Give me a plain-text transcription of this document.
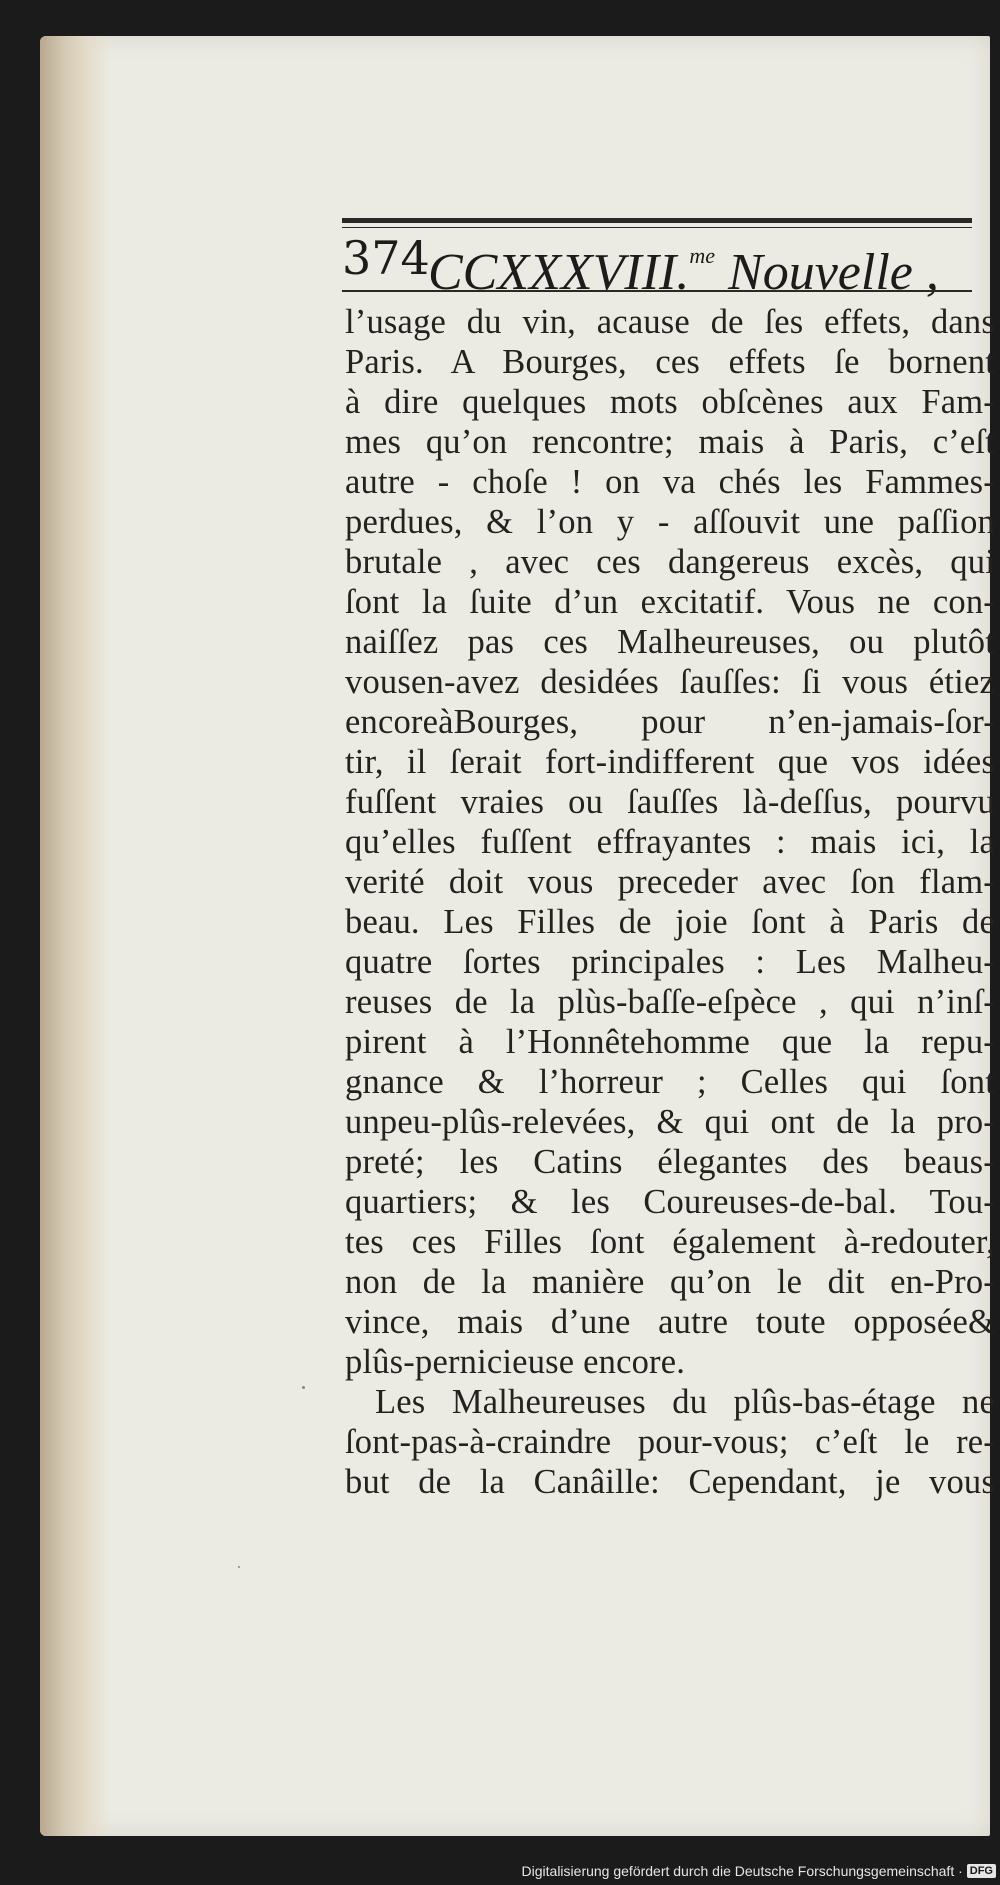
374
CCXXXVIII.$^{me}$ Nouvelle ,
l’usage du vin, acause de ſes effets, dans
Paris. A Bourges, ces effets ſe bornent
à dire quelques mots obſcènes aux Fam-
mes qu’on rencontre; mais à Paris, c’eſt
autre - choſe ! on va chés les Fammes-
perdues, & l’on y - aſſouvit une paſſion
brutale , avec ces dangereus excès, qui
ſont la ſuite d’un excitatif. Vous ne con-
naiſſez pas ces Malheureuses, ou plutôt
vousen-avez desidées ſauſſes: ſi vous étiez
encoreàBourges, pour n’en-jamais-ſor-
tir, il ſerait fort-indifferent que vos idées
fuſſent vraies ou ſauſſes là-deſſus, pourvu
qu’elles fuſſent effrayantes : mais ici, la
verité doit vous preceder avec ſon flam-
beau. Les Filles de joie ſont à Paris de
quatre ſortes principales : Les Malheu-
reuses de la plùs-baſſe-eſpèce , qui n’inſ-
pirent à l’Honnêtehomme que la repu-
gnance & l’horreur ; Celles qui ſont
unpeu-plûs-relevées, & qui ont de la pro-
preté; les Catins élegantes des beaus-
quartiers; & les Coureuses-de-bal. Tou-
tes ces Filles ſont également à-redouter,
non de la manière qu’on le dit en-Pro-
vince, mais d’une autre toute opposée&
plûs-pernicieuse encore.
Les Malheureuses du plûs-bas-étage ne
ſont-pas-à-craindre pour-vous; c’eſt le re-
but de la Canâille: Cependant, je vous
Digitalisierung gefördert durch die Deutsche Forschungsgemeinschaft · DFG
